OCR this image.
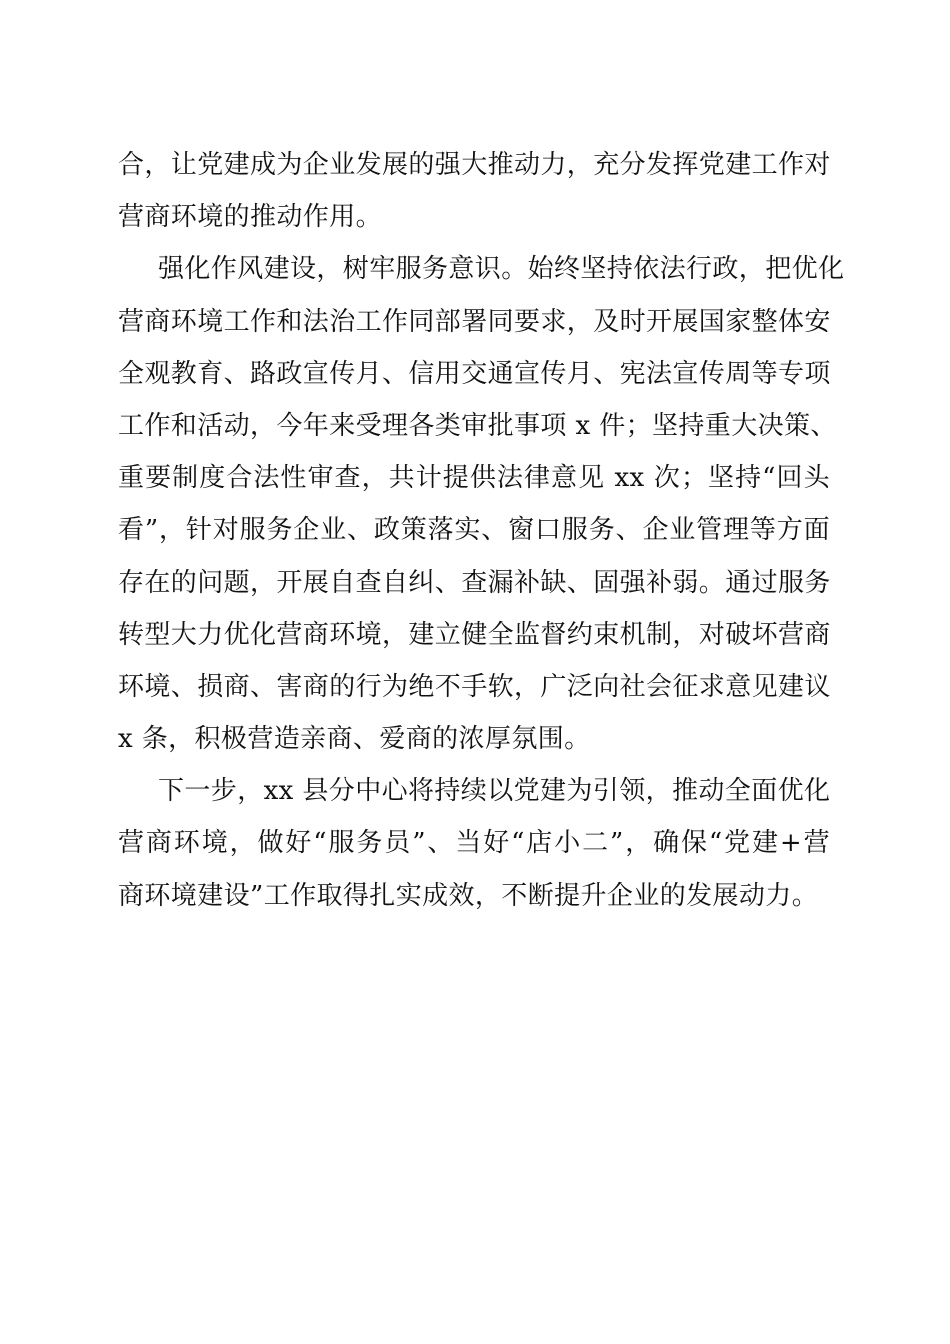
合，让党建成为企业发展的强大推动力，充分发挥党建工作对
营商环境的推动作用。
强化作风建设，树牢服务意识。始终坚持依法行政，把优化
营商环境工作和法治工作同部署同要求，及时开展国家整体安
全观教育、路政宣传月、信用交通宣传月、宪法宣传周等专项
工作和活动，今年来受理各类审批事项 x 件；坚持重大决策、
重要制度合法性审查，共计提供法律意见 xx 次；坚持“回头
看”，针对服务企业、政策落实、窗口服务、企业管理等方面
存在的问题，开展自查自纠、查漏补缺、固强补弱。通过服务
转型大力优化营商环境，建立健全监督约束机制，对破坏营商
环境、损商、害商的行为绝不手软，广泛向社会征求意见建议
x 条，积极营造亲商、爱商的浓厚氛围。
下一步，xx 县分中心将持续以党建为引领，推动全面优化
营商环境，做好“服务员”、当好“店小二”，确保“党建+营
商环境建设”工作取得扎实成效，不断提升企业的发展动力。
